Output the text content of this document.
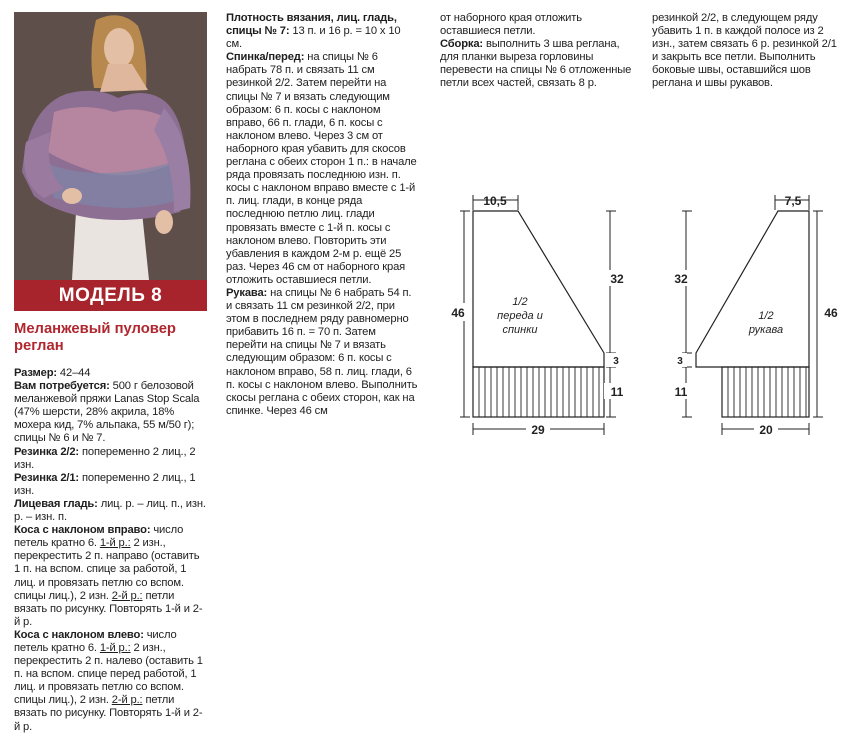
МОДЕЛЬ 8
Меланжевый пуловер реглан

Размер: 42–44

Вам потребуется: 500 г белозовой меланжевой пряжи Lanas Stop Scala (47% шерсти, 28% акрила, 18% мохера кид, 7% альпака, 55 м/50 г); спицы № 6 и № 7.

Резинка 2/2: попеременно 2 лиц., 2 изн.

Резинка 2/1: попеременно 2 лиц., 1 изн.

Лицевая гладь: лиц. р. – лиц. п., изн. р. – изн. п.

Коса с наклоном вправо: число петель кратно 6. 1-й р.: 2 изн., перекрестить 2 п. направо (оставить 1 п. на вспом. спице за работой, 1 лиц. и провязать петлю со вспом. спицы лиц.), 2 изн. 2-й р.: петли вязать по рисунку. Повторять 1-й и 2-й р.

Коса с наклоном влево: число петель кратно 6. 1-й р.: 2 изн., перекрестить 2 п. налево (оставить 1 п. на вспом. спице перед работой, 1 лиц. и провязать петлю со вспом. спицы лиц.), 2 изн. 2-й р.: петли вязать по рисунку. Повторять 1-й и 2-й р.

Плотность вязания, лиц. гладь, спицы № 7: 13 п. и 16 р. = 10 x 10 см.

Спинка/перед: на спицы № 6 набрать 78 п. и связать 11 см резинкой 2/2. Затем перейти на спицы № 7 и вязать следующим образом: 6 п. косы с наклоном вправо, 66 п. глади, 6 п. косы с наклоном влево. Через 3 см от наборного края убавить для скосов реглана с обеих сторон 1 п.: в начале ряда провязать последнюю изн. п. косы с наклоном вправо вместе с 1-й п. лиц. глади, в конце ряда последнюю петлю лиц. глади провязать вместе с 1-й п. косы с наклоном влево. Повторить эти убавления в каждом 2-м р. ещё 25 раз. Через 46 см от наборного края отложить оставшиеся петли.

Рукава: на спицы № 6 набрать 54 п. и связать 11 см резинкой 2/2, при этом в последнем ряду равномерно прибавить 16 п. = 70 п. Затем перейти на спицы № 7 и вязать следующим образом: 6 п. косы с наклоном вправо, 58 п. лиц. глади, 6 п. косы с наклоном влево. Выполнить скосы реглана с обеих сторон, как на спинке. Через 46 см

от наборного края отложить оставшиеся петли.

Сборка: выполнить 3 шва реглана, для планки выреза горловины перевести на спицы № 6 отложенные петли всех частей, связать 8 р.

резинкой 2/2, в следующем ряду убавить 1 п. в каждой полосе из 2 изн., затем связать 6 р. резинкой 2/1 и закрыть все петли. Выполнить боковые швы, оставшийся шов реглана и швы рукавов.

10,5
46
32
3
11
29
1/2
переда и
спинки
7,5
32
3
11
46
20
1/2
рукава
